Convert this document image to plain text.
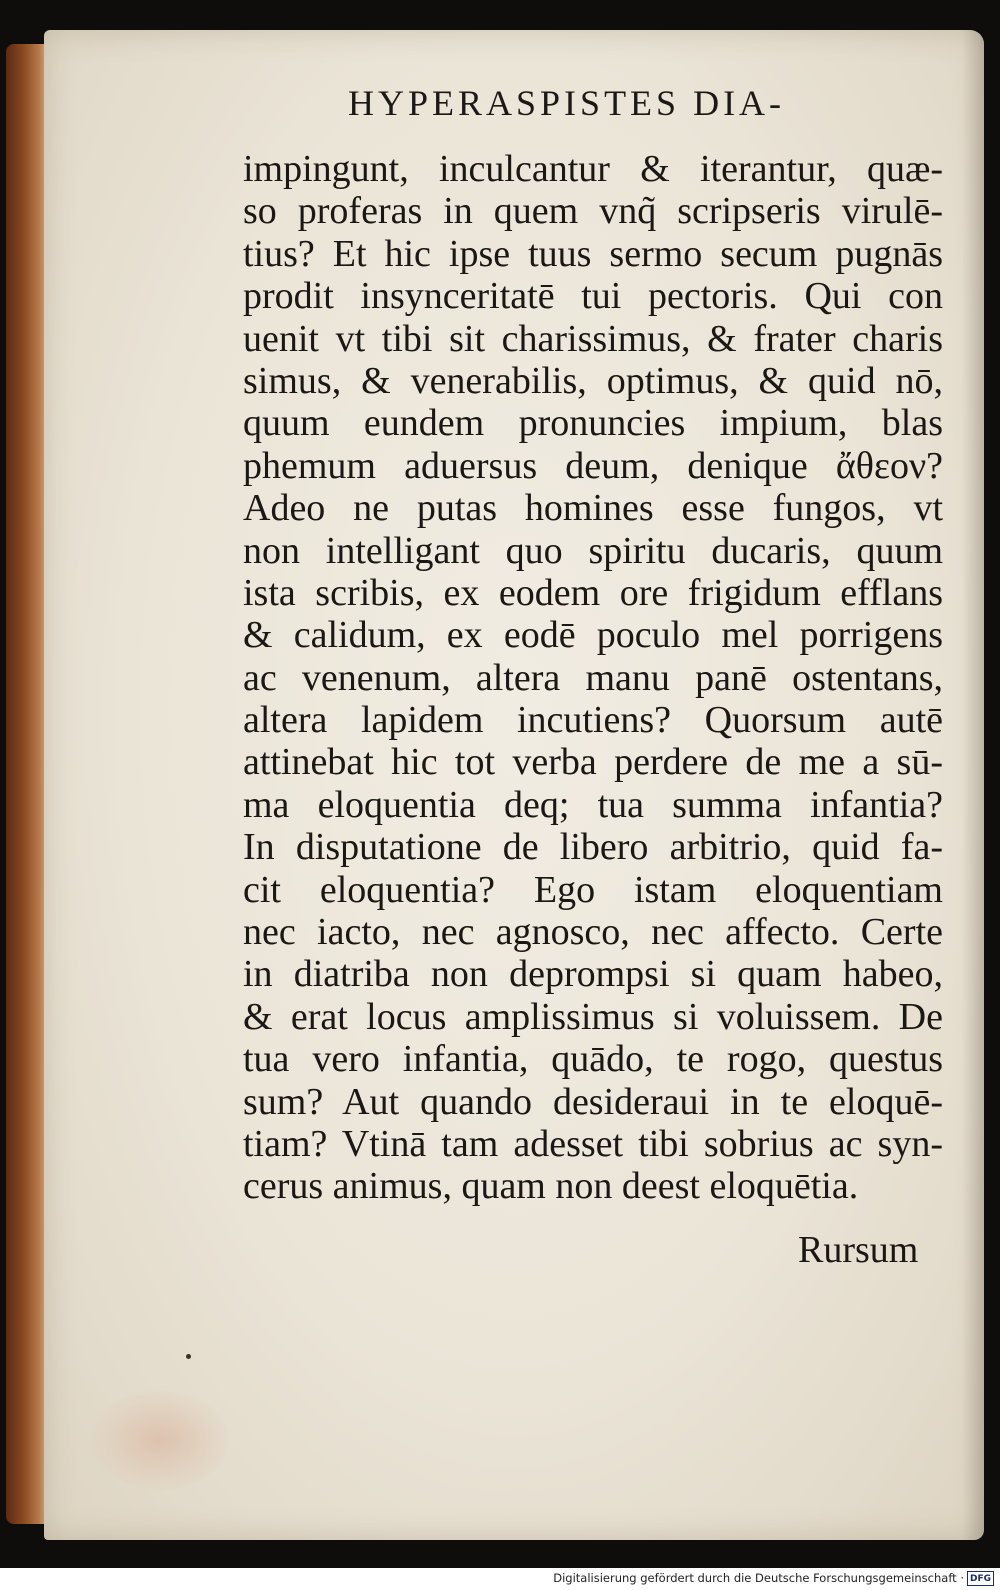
HYPERASPISTES DIA-
impingunt, inculcantur & iterantur, quæ-
so proferas in quem vnq̃ scripseris virulē-
tius? Et hic ipse tuus sermo secum pugnās
prodit insynceritatē tui pectoris. Qui con
uenit vt tibi sit charissimus, & frater charis
simus, & venerabilis, optimus, & quid nō,
quum eundem pronuncies impium, blas
phemum aduersus deum, denique ἄθεον?
Adeo ne putas homines esse fungos, vt
non intelligant quo spiritu ducaris, quum
ista scribis, ex eodem ore frigidum efflans
& calidum, ex eodē poculo mel porrigens
ac venenum, altera manu panē ostentans,
altera lapidem incutiens? Quorsum autē
attinebat hic tot verba perdere de me a sū-
ma eloquentia deq; tua summa infantia?
In disputatione de libero arbitrio, quid fa-
cit eloquentia? Ego istam eloquentiam
nec iacto, nec agnosco, nec affecto. Certe
in diatriba non deprompsi si quam habeo,
& erat locus amplissimus si voluissem. De
tua vero infantia, quādo, te rogo, questus
sum? Aut quando desideraui in te eloquē-
tiam? Vtinā tam adesset tibi sobrius ac syn-
cerus animus, quam non deest eloquētia.
Rursum
Digitalisierung gefördert durch die Deutsche Forschungsgemeinschaft · DFG
